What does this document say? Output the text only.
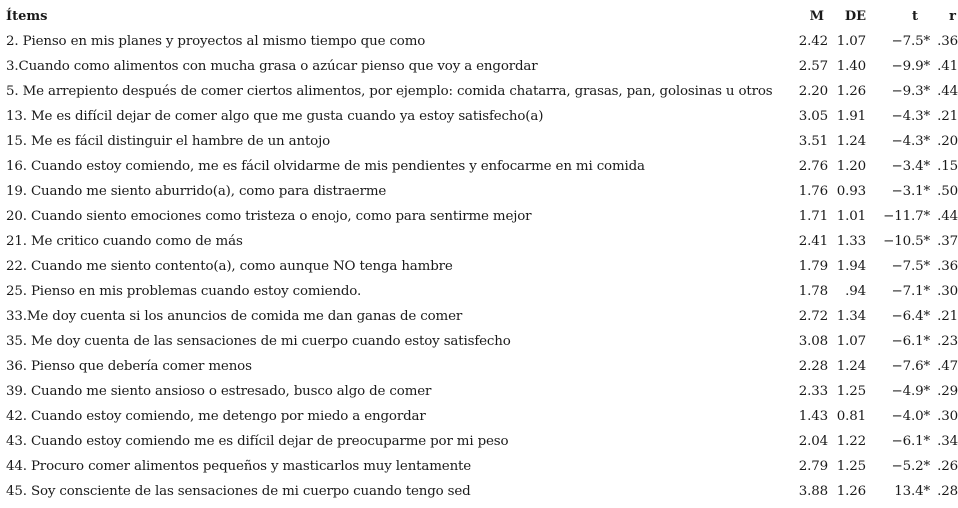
Ítems	M	DE	t	r
2. Pienso en mis planes y proyectos al mismo tiempo que como	2.42	1.07	−7.5*	.36
3.Cuando como alimentos con mucha grasa o azúcar pienso que voy a engordar	2.57	1.40	−9.9*	.41
5. Me arrepiento después de comer ciertos alimentos, por ejemplo: comida chatarra, grasas, pan, golosinas u otros	2.20	1.26	−9.3*	.44
13. Me es difícil dejar de comer algo que me gusta cuando ya estoy satisfecho(a)	3.05	1.91	−4.3*	.21
15. Me es fácil distinguir el hambre de un antojo	3.51	1.24	−4.3*	.20
16. Cuando estoy comiendo, me es fácil olvidarme de mis pendientes y enfocarme en mi comida	2.76	1.20	−3.4*	.15
19. Cuando me siento aburrido(a), como para distraerme	1.76	0.93	−3.1*	.50
20. Cuando siento emociones como tristeza o enojo, como para sentirme mejor	1.71	1.01	−11.7*	.44
21. Me critico cuando como de más	2.41	1.33	−10.5*	.37
22. Cuando me siento contento(a), como aunque NO tenga hambre	1.79	1.94	−7.5*	.36
25. Pienso en mis problemas cuando estoy comiendo.	1.78	.94	−7.1*	.30
33.Me doy cuenta si los anuncios de comida me dan ganas de comer	2.72	1.34	−6.4*	.21
35. Me doy cuenta de las sensaciones de mi cuerpo cuando estoy satisfecho	3.08	1.07	−6.1*	.23
36. Pienso que debería comer menos	2.28	1.24	−7.6*	.47
39. Cuando me siento ansioso o estresado, busco algo de comer	2.33	1.25	−4.9*	.29
42. Cuando estoy comiendo, me detengo por miedo a engordar	1.43	0.81	−4.0*	.30
43. Cuando estoy comiendo me es difícil dejar de preocuparme por mi peso	2.04	1.22	−6.1*	.34
44. Procuro comer alimentos pequeños y masticarlos muy lentamente	2.79	1.25	−5.2*	.26
45. Soy consciente de las sensaciones de mi cuerpo cuando tengo sed	3.88	1.26	13.4*	.28
